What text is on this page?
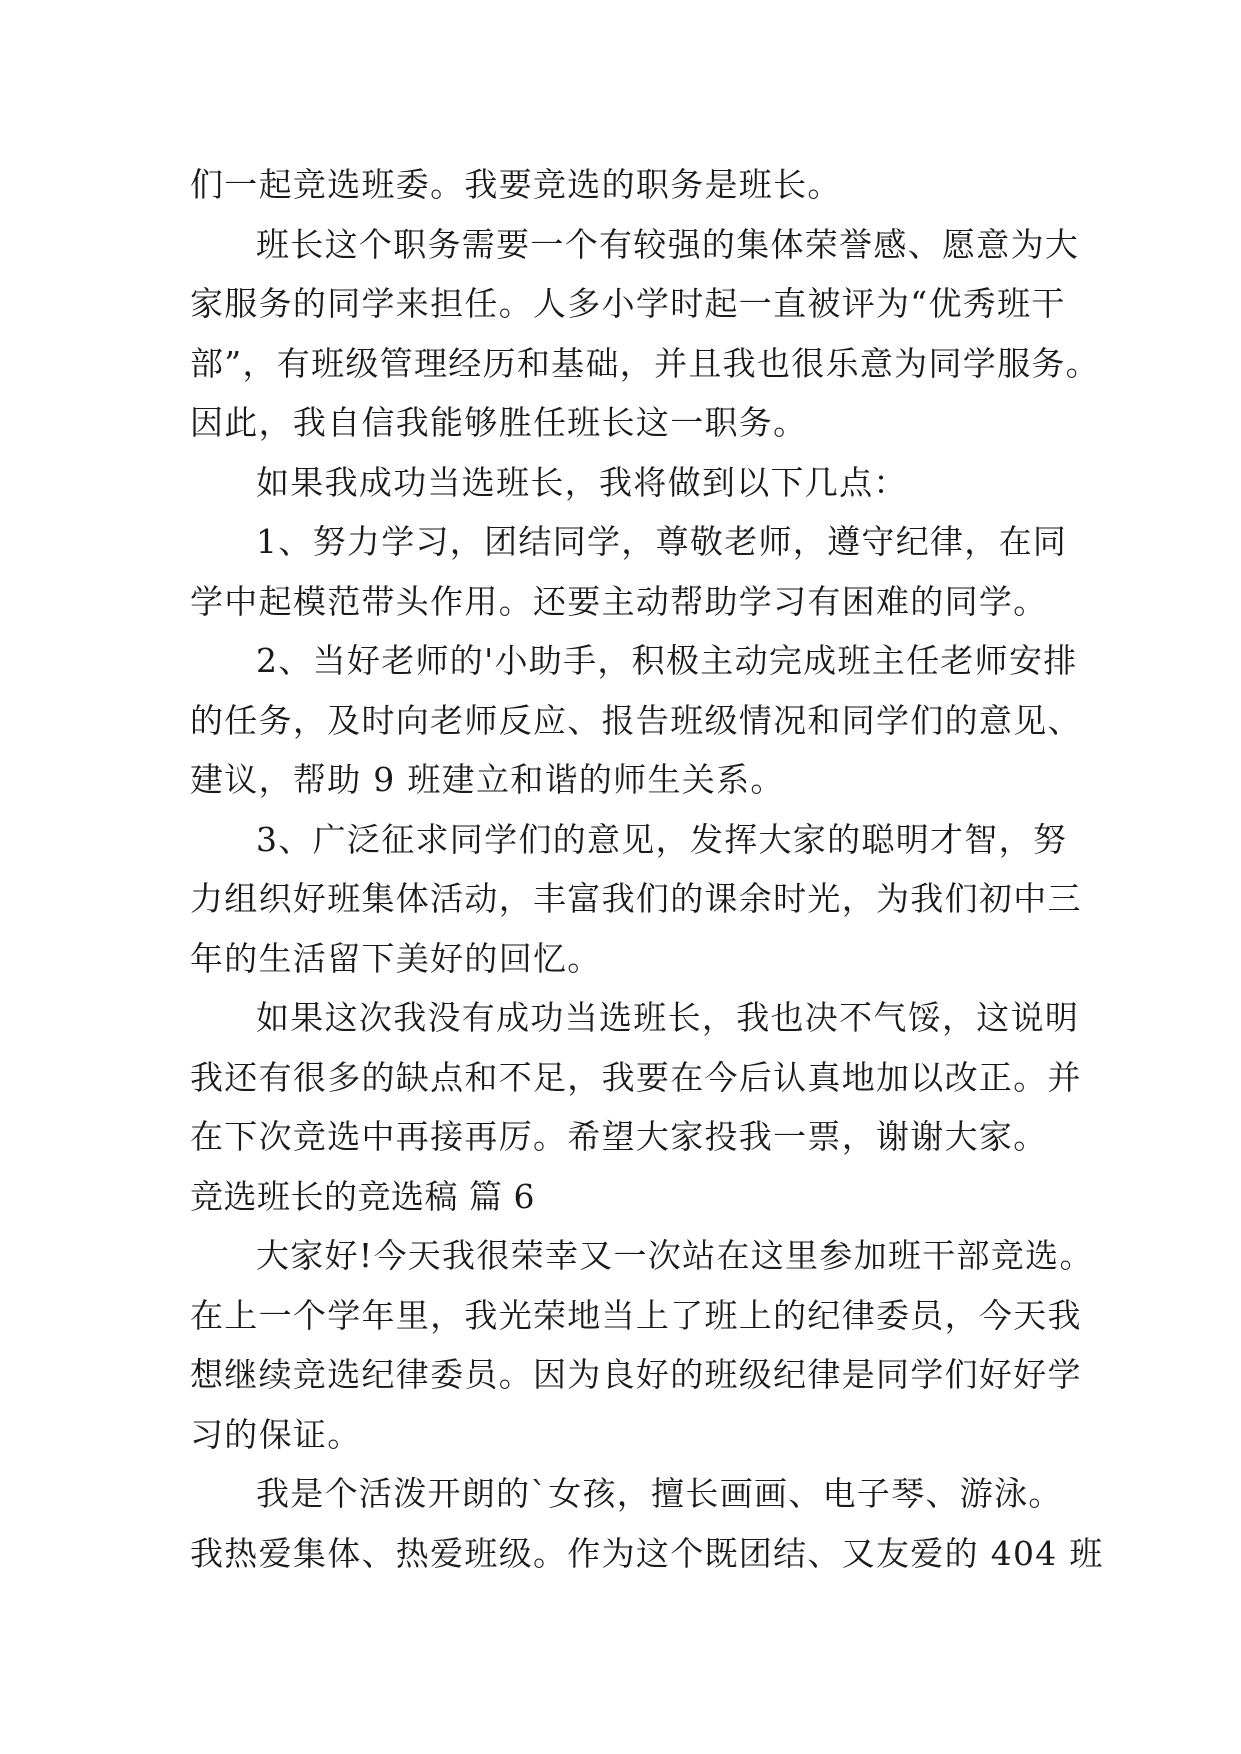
们一起竞选班委。我要竞选的职务是班长。
班长这个职务需要一个有较强的集体荣誉感、愿意为大
家服务的同学来担任。人多小学时起一直被评为“优秀班干
部”，有班级管理经历和基础，并且我也很乐意为同学服务。
因此，我自信我能够胜任班长这一职务。
如果我成功当选班长，我将做到以下几点：
1、努力学习，团结同学，尊敬老师，遵守纪律，在同
学中起模范带头作用。还要主动帮助学习有困难的同学。
2、当好老师的'小助手，积极主动完成班主任老师安排
的任务，及时向老师反应、报告班级情况和同学们的意见、
建议，帮助 9 班建立和谐的师生关系。
3、广泛征求同学们的意见，发挥大家的聪明才智，努
力组织好班集体活动，丰富我们的课余时光，为我们初中三
年的生活留下美好的回忆。
如果这次我没有成功当选班长，我也决不气馁，这说明
我还有很多的缺点和不足，我要在今后认真地加以改正。并
在下次竞选中再接再厉。希望大家投我一票，谢谢大家。
竞选班长的竞选稿 篇 6
大家好!今天我很荣幸又一次站在这里参加班干部竞选。
在上一个学年里，我光荣地当上了班上的纪律委员，今天我
想继续竞选纪律委员。因为良好的班级纪律是同学们好好学
习的保证。
我是个活泼开朗的`女孩，擅长画画、电子琴、游泳。
我热爱集体、热爱班级。作为这个既团结、又友爱的 404 班
